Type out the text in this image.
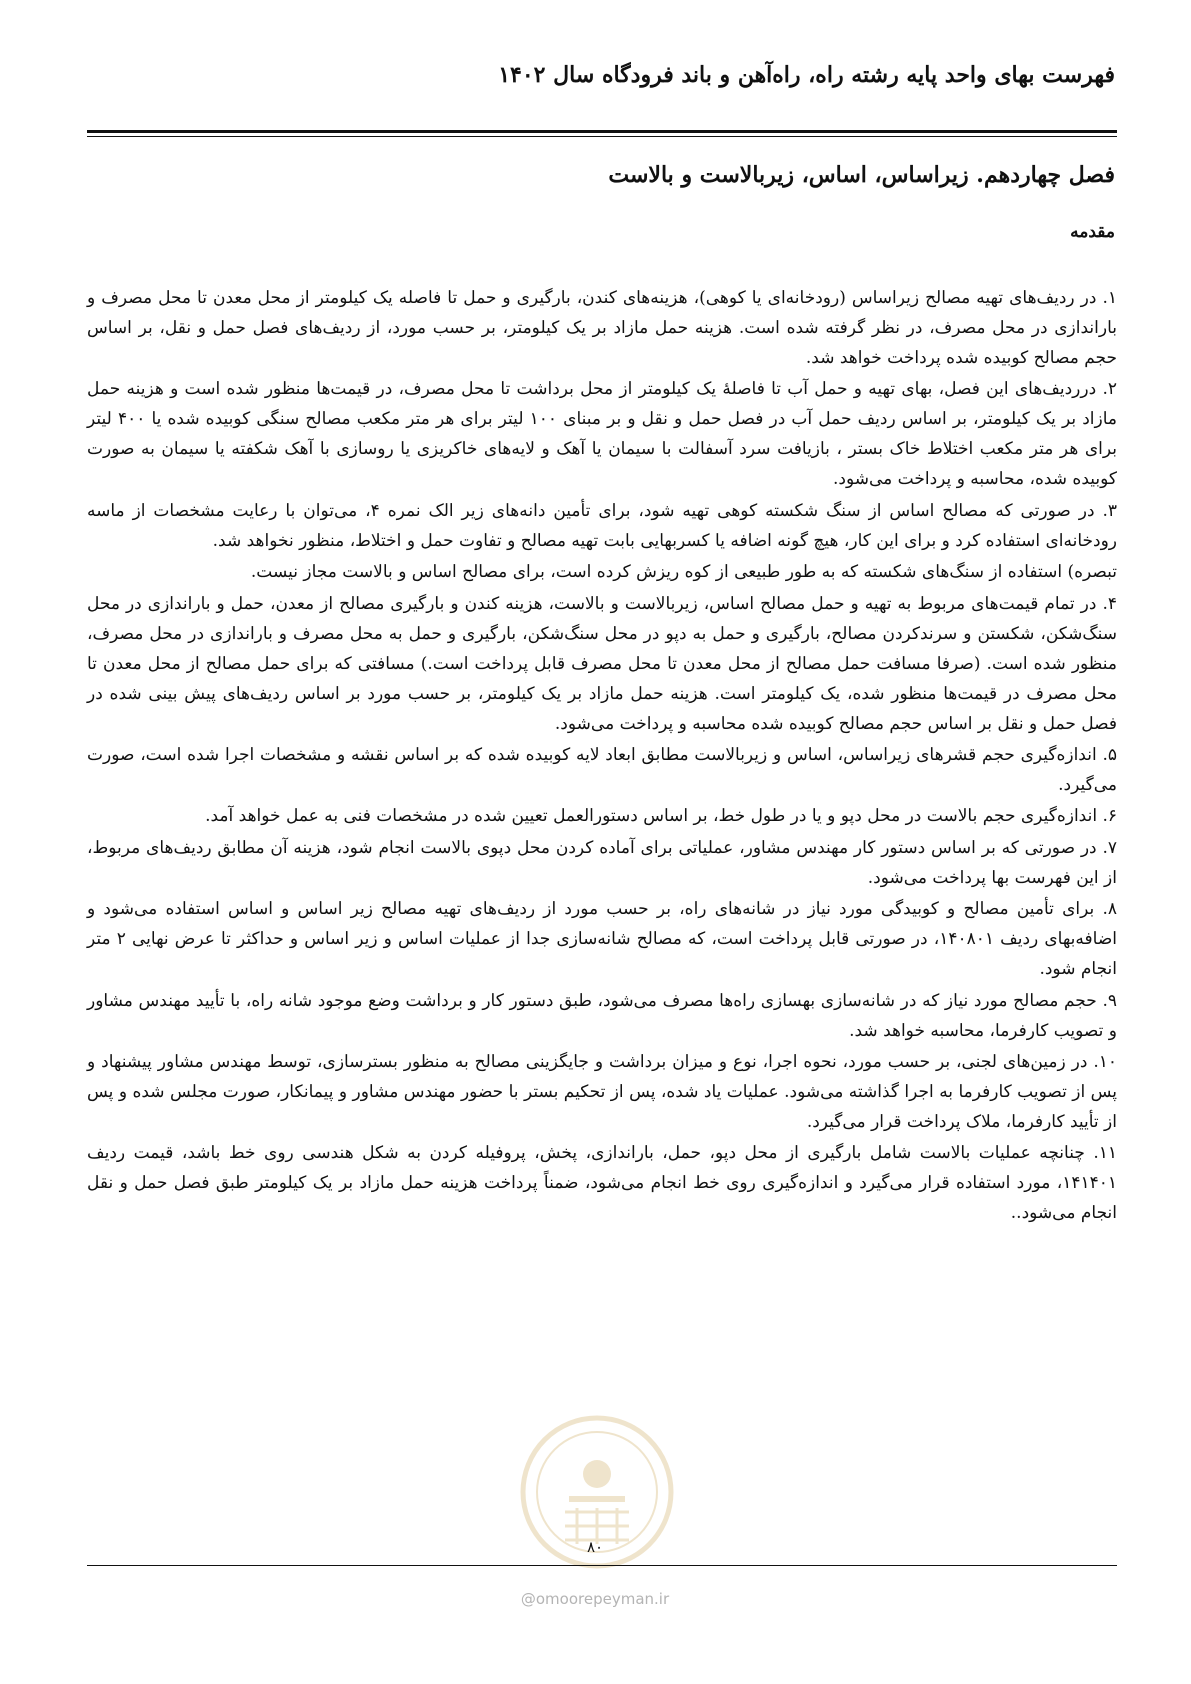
فهرست بهای واحد پایه رشته راه، راه‌آهن و باند فرودگاه سال ۱۴۰۲
فصل چهاردهم. زیراساس، اساس، زیربالاست و بالاست
مقدمه

۱. در ردیف‌های تهیه مصالح زیراساس (رودخانه‌ای یا کوهی)، هزینه‌های کندن، بارگیری و حمل تا فاصله یک کیلومتر از محل معدن تا محل مصرف و باراندازی در محل مصرف، در نظر گرفته شده است. هزینه حمل مازاد بر یک کیلومتر، بر حسب مورد، از ردیف‌های فصل حمل و نقل، بر اساس حجم مصالح کوبیده شده پرداخت خواهد شد.

۲. درردیف‌های این فصل، بهای تهیه و حمل آب تا فاصلهٔ یک کیلومتر از محل برداشت تا محل مصرف، در قیمت‌ها منظور شده است و هزینه حمل مازاد بر یک کیلومتر، بر اساس ردیف حمل آب در فصل حمل و نقل و بر مبنای ۱۰۰ لیتر برای هر متر مکعب مصالح سنگی کوبیده شده یا ۴۰۰ لیتر برای هر متر مکعب اختلاط خاک بستر ، بازیافت سرد آسفالت با سیمان یا آهک و لایه‌های خاکریزی یا روسازی با آهک شکفته یا سیمان به صورت کوبیده شده، محاسبه و پرداخت می‌شود.

۳. در صورتی که مصالح اساس از سنگ شکسته کوهی تهیه شود، برای تأمین دانه‌های زیر الک نمره ۴، می‌توان با رعایت مشخصات از ماسه رودخانه‌ای استفاده کرد و برای این کار، هیچ گونه اضافه یا کسربهایی بابت تهیه مصالح و تفاوت حمل و اختلاط، منظور نخواهد شد.

تبصره) استفاده از سنگ‌های شکسته که به طور طبیعی از کوه ریزش کرده است، برای مصالح اساس و بالاست مجاز نیست.

۴. در تمام قیمت‌های مربوط به تهیه و حمل مصالح اساس، زیربالاست و بالاست، هزینه کندن و بارگیری مصالح از معدن، حمل و باراندازی در محل سنگ‌شکن، شکستن و سرندکردن مصالح، بارگیری و حمل به دپو در محل سنگ‌شکن، بارگیری و حمل به محل مصرف و باراندازی در محل مصرف، منظور شده است. (صرفا مسافت حمل مصالح از محل معدن تا محل مصرف قابل پرداخت است.) مسافتی که برای حمل مصالح از محل معدن تا محل مصرف در قیمت‌ها منظور شده، یک کیلومتر است. هزینه حمل مازاد بر یک کیلومتر، بر حسب مورد بر اساس ردیف‌های پیش بینی شده در فصل حمل و نقل بر اساس حجم مصالح کوبیده شده محاسبه و پرداخت می‌شود.

۵. اندازه‌گیری حجم قشرهای زیراساس، اساس و زیربالاست مطابق ابعاد لایه کوبیده شده که بر اساس نقشه و مشخصات اجرا شده است، صورت می‌گیرد.

۶. اندازه‌گیری حجم بالاست در محل دپو و یا در طول خط، بر اساس دستورالعمل تعیین شده در مشخصات فنی به عمل خواهد آمد.

۷. در صورتی که بر اساس دستور کار مهندس مشاور، عملیاتی برای آماده کردن محل دپوی بالاست انجام شود، هزینه آن مطابق ردیف‌های مربوط، از این فهرست بها پرداخت می‌شود.

۸. برای تأمین مصالح و کوبیدگی مورد نیاز در شانه‌های راه، بر حسب مورد از ردیف‌های تهیه مصالح زیر اساس و اساس استفاده می‌شود و اضافه‌بهای ردیف ۱۴۰۸۰۱، در صورتی قابل پرداخت است، که مصالح شانه‌سازی جدا از عملیات اساس و زیر اساس و حداکثر تا عرض نهایی ۲ متر انجام شود.

۹. حجم مصالح مورد نیاز که در شانه‌سازی بهسازی راه‌ها مصرف می‌شود، طبق دستور کار و برداشت وضع موجود شانه راه، با تأیید مهندس مشاور و تصویب کارفرما، محاسبه خواهد شد.

۱۰. در زمین‌های لجنی، بر حسب مورد، نحوه اجرا، نوع و میزان برداشت و جایگزینی مصالح به منظور بسترسازی، توسط مهندس مشاور پیشنهاد و پس از تصویب کارفرما به اجرا گذاشته می‌شود. عملیات یاد شده، پس از تحکیم بستر با حضور مهندس مشاور و پیمانکار، صورت مجلس شده و پس از تأیید کارفرما، ملاک پرداخت قرار می‌گیرد.

۱۱. چنانچه عملیات بالاست شامل بارگیری از محل دپو، حمل، باراندازی، پخش، پروفیله کردن به شکل هندسی روی خط باشد، قیمت ردیف ۱۴۱۴۰۱، مورد استفاده قرار می‌گیرد و اندازه‌گیری روی خط انجام می‌شود، ضمناً پرداخت هزینه حمل مازاد بر یک کیلومتر طبق فصل حمل و نقل انجام می‌شود..

۸۰
@omoorepeyman.ir
